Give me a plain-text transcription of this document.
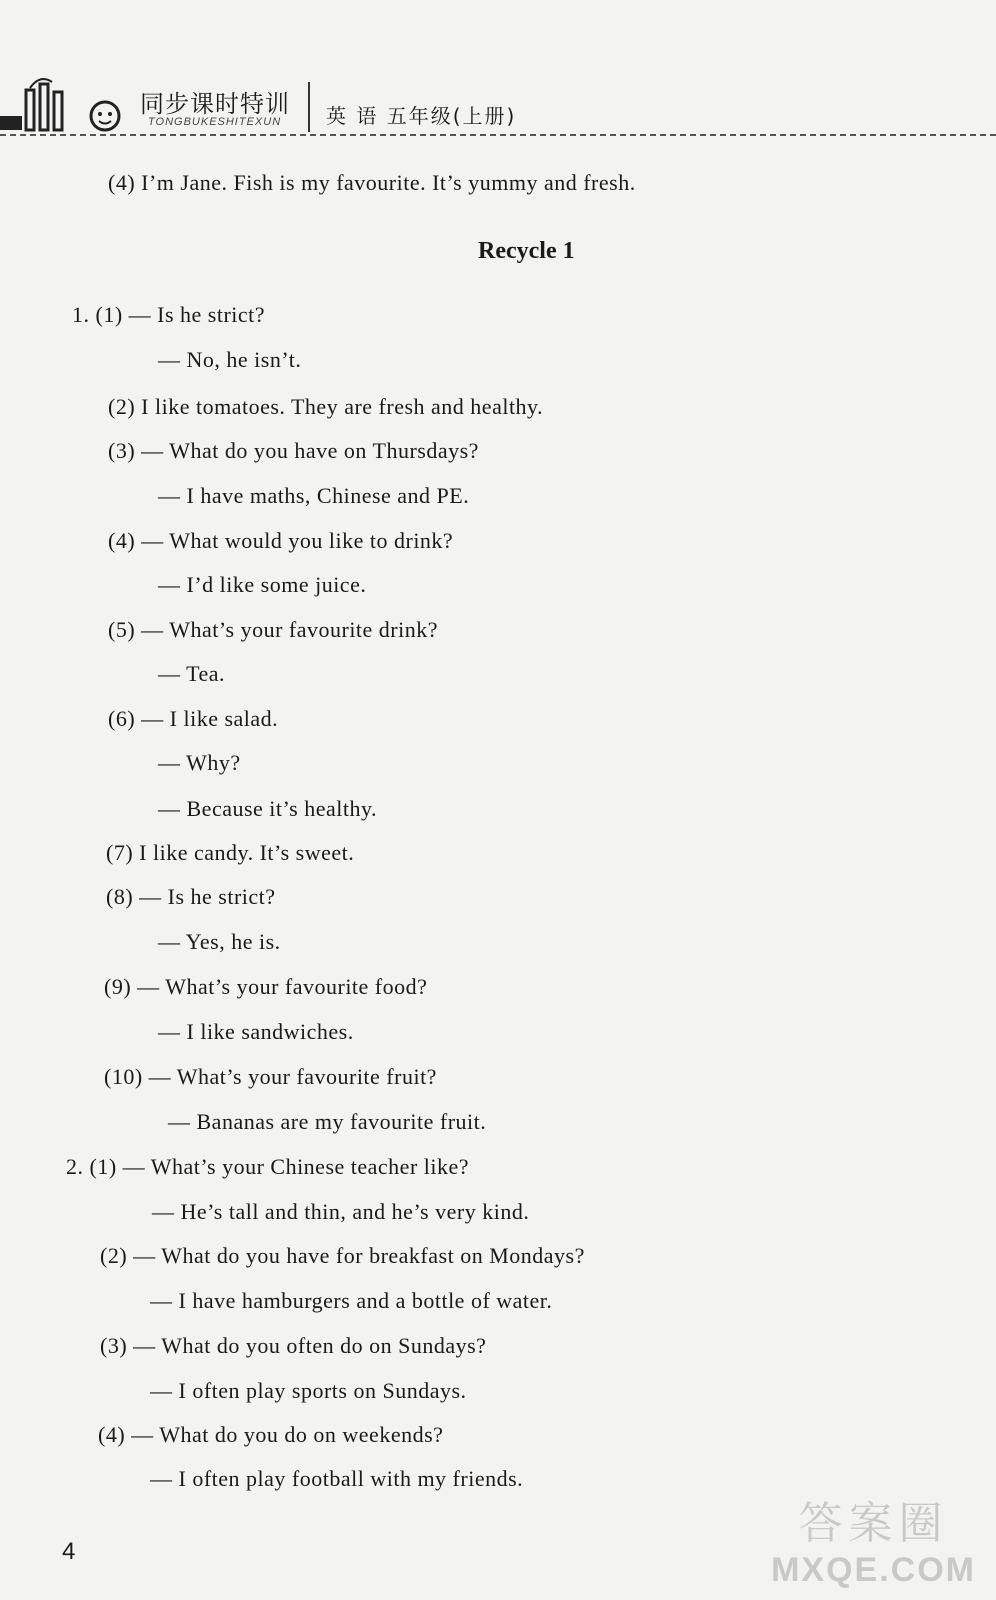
同步课时特训
TONGBUKESHITEXUN 英 语 五年级(上册)
(4) I’m Jane. Fish is my favourite. It’s yummy and fresh.
Recycle 1
1. (1) — Is he strict?
— No, he isn’t.
(2) I like tomatoes. They are fresh and healthy.
(3) — What do you have on Thursdays?
— I have maths, Chinese and PE.
(4) — What would you like to drink?
— I’d like some juice.
(5) — What’s your favourite drink?
— Tea.
(6) — I like salad.
— Why?
— Because it’s healthy.
(7) I like candy. It’s sweet.
(8) — Is he strict?
— Yes, he is.
(9) — What’s your favourite food?
— I like sandwiches.
(10) — What’s your favourite fruit?
— Bananas are my favourite fruit.
2. (1) — What’s your Chinese teacher like?
— He’s tall and thin, and he’s very kind.
(2) — What do you have for breakfast on Mondays?
— I have hamburgers and a bottle of water.
(3) — What do you often do on Sundays?
— I often play sports on Sundays.
(4) — What do you do on weekends?
— I often play football with my friends.
4
答案圈
MXQE.COM
